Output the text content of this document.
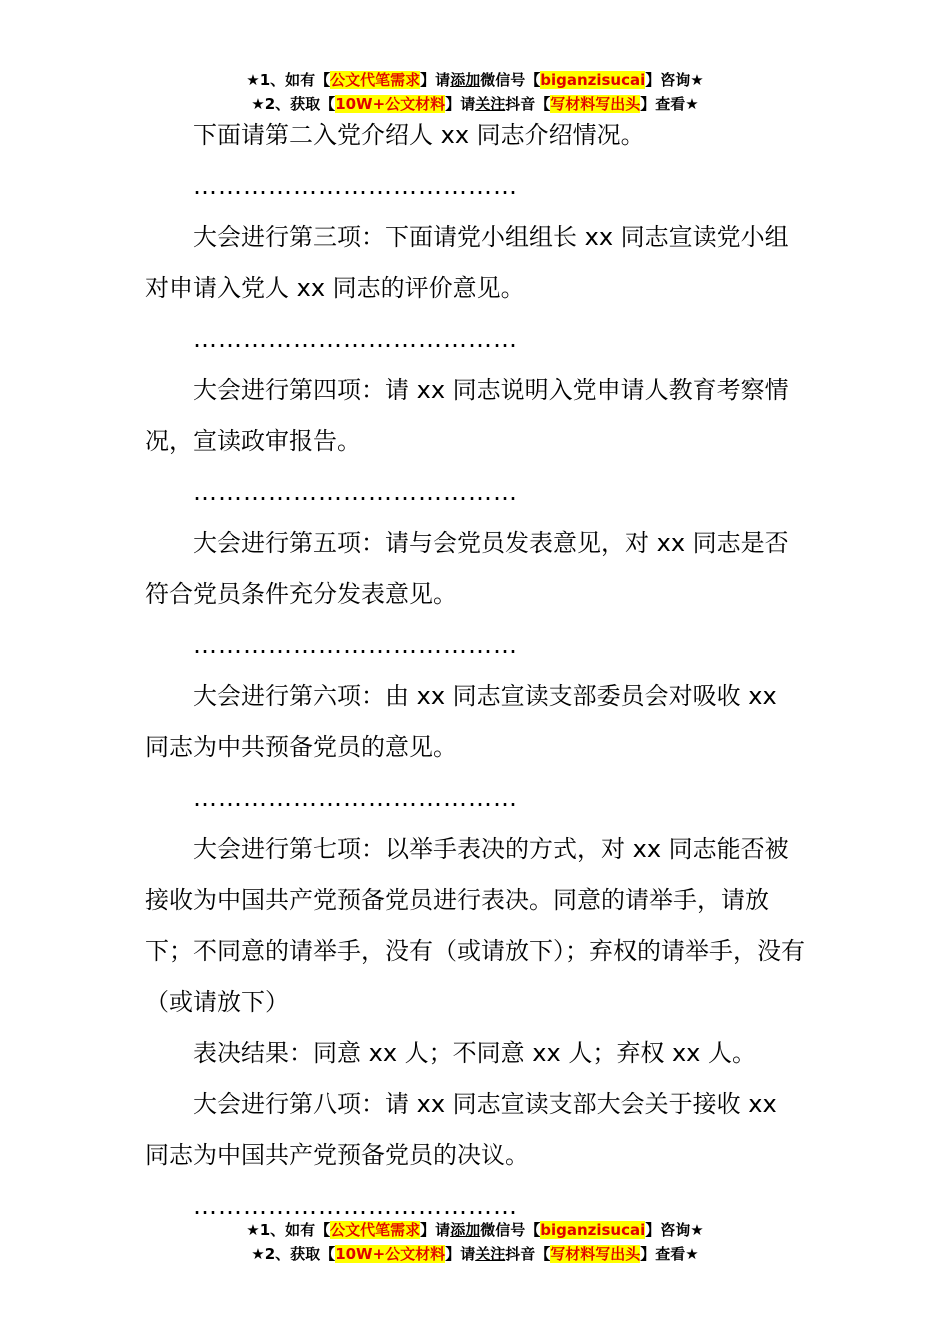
★1、如有【公文代笔需求】请添加微信号【biganzisucai】咨询★
★2、获取【10W+公文材料】请关注抖音【写材料写出头】查看★

下面请第二入党介绍人 xx 同志介绍情况。

…………………………………

大会进行第三项：下面请党小组组长 xx 同志宣读党小组对申请入党人 xx 同志的评价意见。

…………………………………

大会进行第四项：请 xx 同志说明入党申请人教育考察情况，宣读政审报告。

…………………………………

大会进行第五项：请与会党员发表意见，对 xx 同志是否符合党员条件充分发表意见。

…………………………………

大会进行第六项：由 xx 同志宣读支部委员会对吸收 xx 同志为中共预备党员的意见。

…………………………………

大会进行第七项：以举手表决的方式，对 xx 同志能否被接收为中国共产党预备党员进行表决。同意的请举手，请放下；不同意的请举手，没有（或请放下）；弃权的请举手，没有（或请放下）

表决结果：同意 xx 人；不同意 xx 人；弃权 xx 人。

大会进行第八项：请 xx 同志宣读支部大会关于接收 xx 同志为中国共产党预备党员的决议。

…………………………………

★1、如有【公文代笔需求】请添加微信号【biganzisucai】咨询★
★2、获取【10W+公文材料】请关注抖音【写材料写出头】查看★
